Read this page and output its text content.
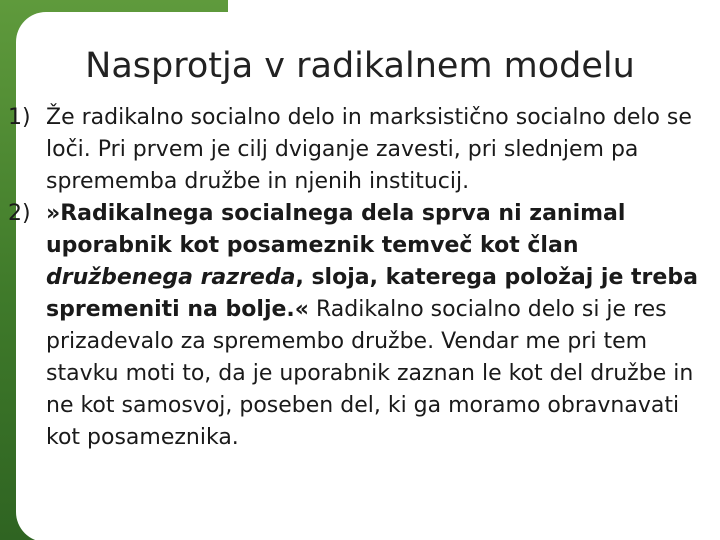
Nasprotja v radikalnem modelu
1) Že radikalno socialno delo in marksistično socialno delo se loči. Pri prvem je cilj dviganje zavesti, pri slednjem pa sprememba družbe in njenih institucij.
2) »Radikalnega socialnega dela sprva ni zanimal uporabnik kot posameznik temveč kot član družbenega razreda, sloja, katerega položaj je treba spremeniti na bolje.« Radikalno socialno delo si je res prizadevalo za spremembo družbe. Vendar me pri tem stavku moti to, da je uporabnik zaznan le kot del družbe in ne kot samosvoj, poseben del, ki ga moramo obravnavati kot posameznika.
